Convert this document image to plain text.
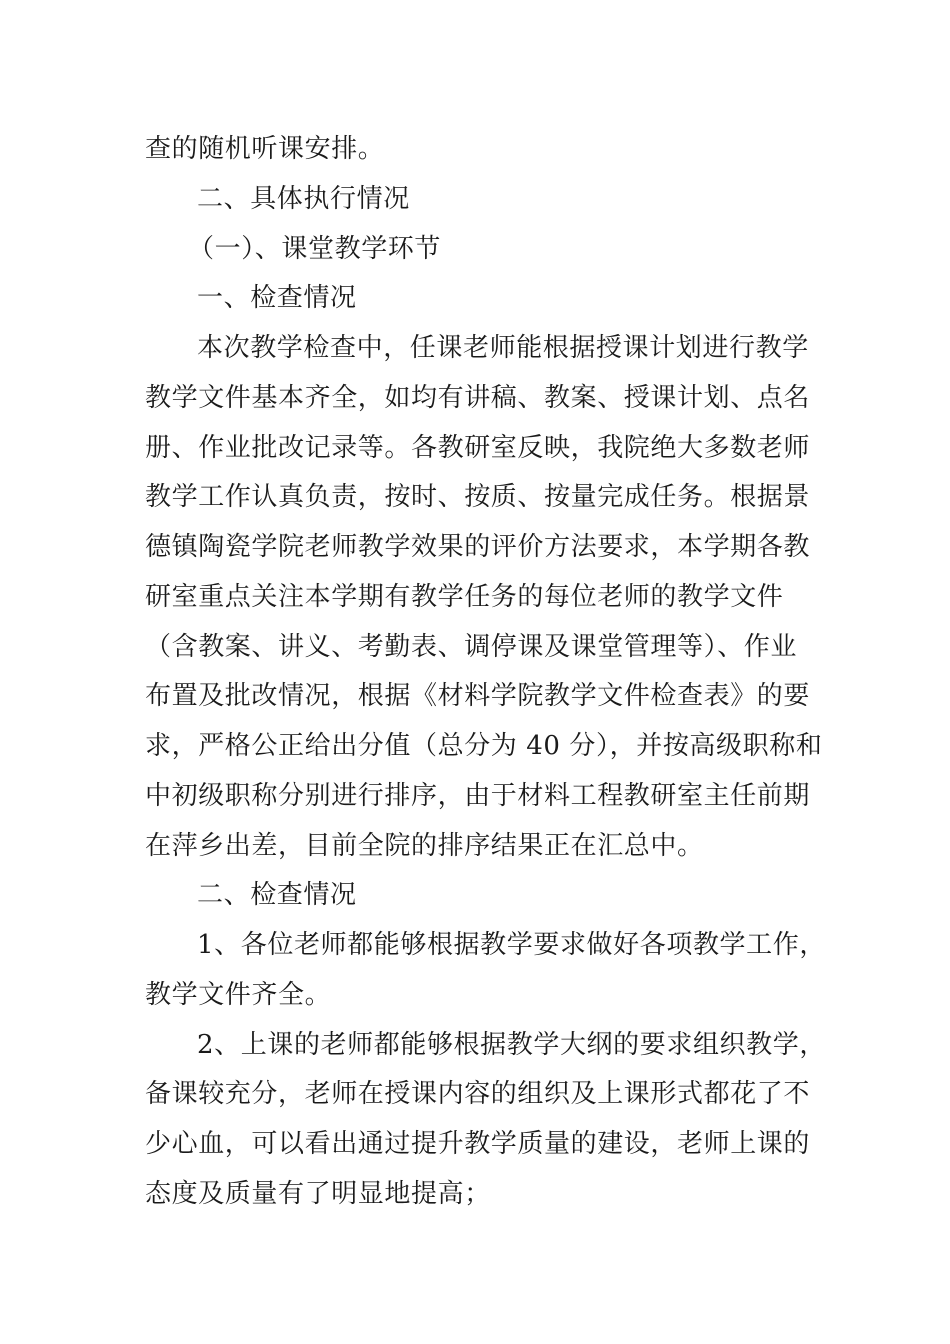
查的随机听课安排。
二、具体执行情况
（一）、课堂教学环节
一、检查情况
本次教学检查中，任课老师能根据授课计划进行教学
教学文件基本齐全，如均有讲稿、教案、授课计划、点名
册、作业批改记录等。各教研室反映，我院绝大多数老师
教学工作认真负责，按时、按质、按量完成任务。根据景
德镇陶瓷学院老师教学效果的评价方法要求，本学期各教
研室重点关注本学期有教学任务的每位老师的教学文件
（含教案、讲义、考勤表、调停课及课堂管理等）、作业
布置及批改情况，根据《材料学院教学文件检查表》的要
求，严格公正给出分值（总分为 40 分），并按高级职称和
中初级职称分别进行排序，由于材料工程教研室主任前期
在萍乡出差，目前全院的排序结果正在汇总中。
二、检查情况
1、各位老师都能够根据教学要求做好各项教学工作，
教学文件齐全。
2、上课的老师都能够根据教学大纲的要求组织教学，
备课较充分，老师在授课内容的组织及上课形式都花了不
少心血，可以看出通过提升教学质量的建设，老师上课的
态度及质量有了明显地提高；
